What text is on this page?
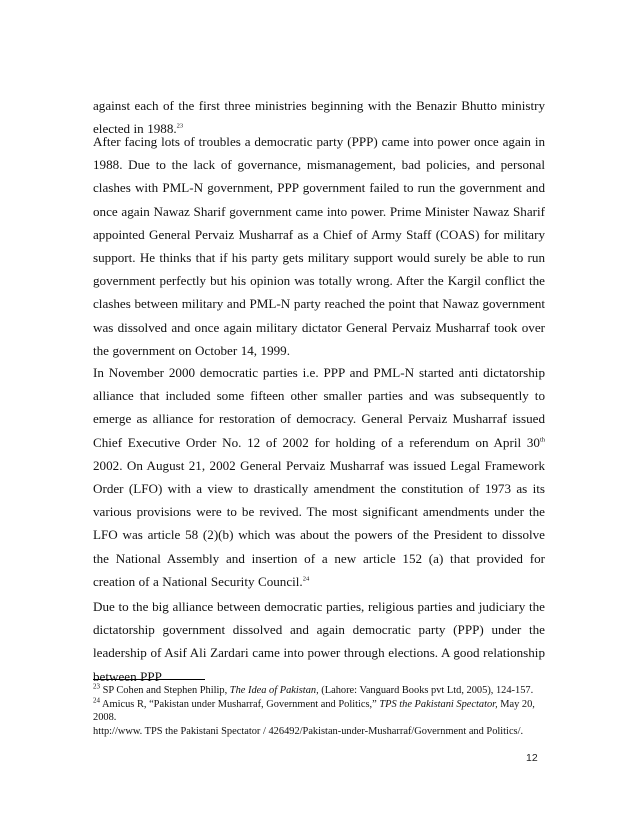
against each of the first three ministries beginning with the Benazir Bhutto ministry elected in 1988.23

After facing lots of troubles a democratic party (PPP) came into power once again in 1988. Due to the lack of governance, mismanagement, bad policies, and personal clashes with PML-N government, PPP government failed to run the government and once again Nawaz Sharif government came into power. Prime Minister Nawaz Sharif appointed General Pervaiz Musharraf as a Chief of Army Staff (COAS) for military support. He thinks that if his party gets military support would surely be able to run government perfectly but his opinion was totally wrong. After the Kargil conflict the clashes between military and PML-N party reached the point that Nawaz government was dissolved and once again military dictator General Pervaiz Musharraf took over the government on October 14, 1999.

In November 2000 democratic parties i.e. PPP and PML-N started anti dictatorship alliance that included some fifteen other smaller parties and was subsequently to emerge as alliance for restoration of democracy. General Pervaiz Musharraf issued Chief Executive Order No. 12 of 2002 for holding of a referendum on April 30th 2002. On August 21, 2002 General Pervaiz Musharraf was issued Legal Framework Order (LFO) with a view to drastically amendment the constitution of 1973 as its various provisions were to be revived. The most significant amendments under the LFO was article 58 (2)(b) which was about the powers of the President to dissolve the National Assembly and insertion of a new article 152 (a) that provided for creation of a National Security Council.$^{24}$

Due to the big alliance between democratic parties, religious parties and judiciary the dictatorship government dissolved and again democratic party (PPP) under the leadership of Asif Ali Zardari came into power through elections. A good relationship between PPP

$^{23}$ SP Cohen and Stephen Philip, The Idea of Pakistan, (Lahore: Vanguard Books pvt Ltd, 2005), 124-157.

$^{24}$ Amicus R, “Pakistan under Musharraf, Government and Politics,” TPS the Pakistani Spectator, May 20, 2008.

http://www. TPS the Pakistani Spectator / 426492/Pakistan-under-Musharraf/Government and Politics/.

12
